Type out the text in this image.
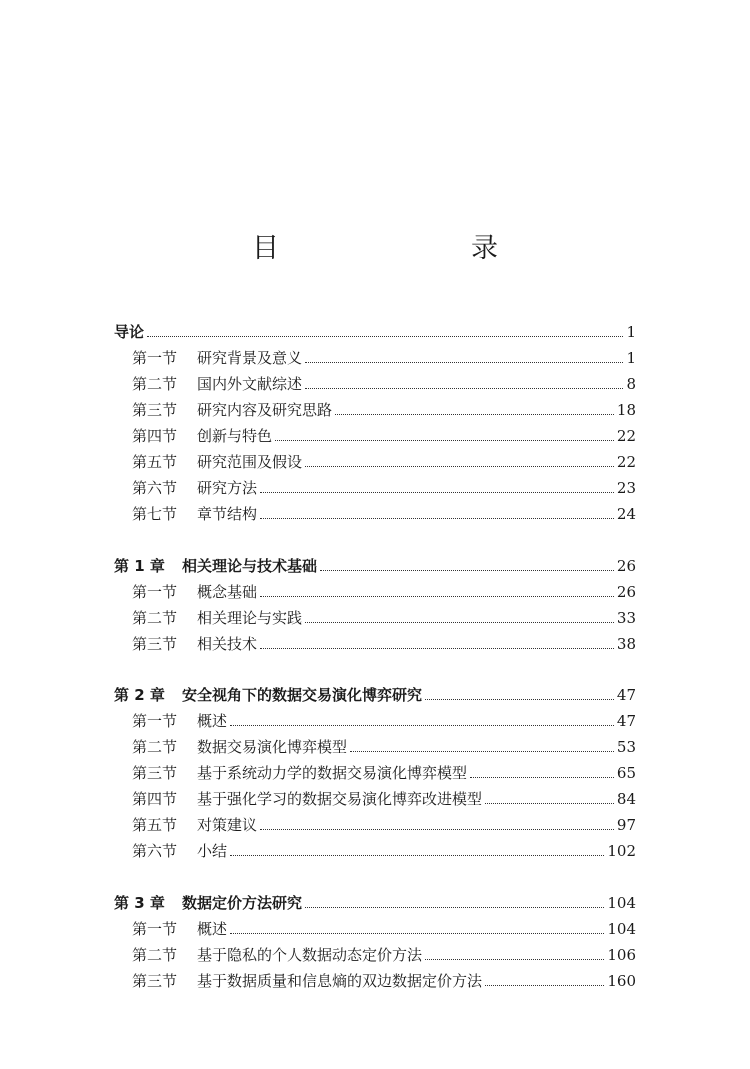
目　　录
导论	1
第一节	研究背景及意义	1
第二节	国内外文献综述	8
第三节	研究内容及研究思路	18
第四节	创新与特色	22
第五节	研究范围及假设	22
第六节	研究方法	23
第七节	章节结构	24
第 1 章	相关理论与技术基础	26
第一节	概念基础	26
第二节	相关理论与实践	33
第三节	相关技术	38
第 2 章	安全视角下的数据交易演化博弈研究	47
第一节	概述	47
第二节	数据交易演化博弈模型	53
第三节	基于系统动力学的数据交易演化博弈模型	65
第四节	基于强化学习的数据交易演化博弈改进模型	84
第五节	对策建议	97
第六节	小结	102
第 3 章	数据定价方法研究	104
第一节	概述	104
第二节	基于隐私的个人数据动态定价方法	106
第三节	基于数据质量和信息熵的双边数据定价方法	160
